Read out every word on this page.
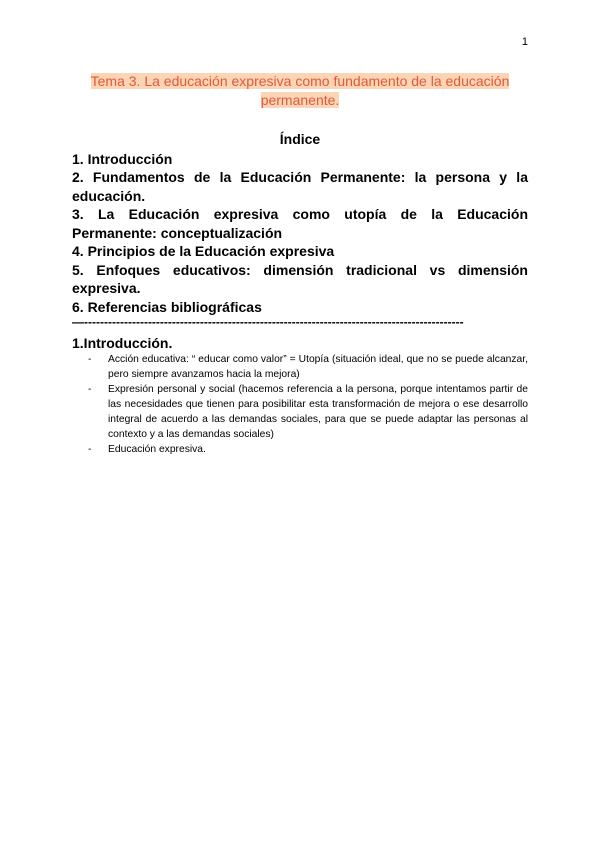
1
Tema 3. La educación expresiva como fundamento de la educación permanente.
Índice
1. Introducción
2. Fundamentos de la Educación Permanente: la persona y la educación.
3. La Educación expresiva como utopía de la Educación Permanente: conceptualización
4. Principios de la Educación expresiva
5. Enfoques educativos: dimensión tradicional vs dimensión expresiva.
6. Referencias bibliográficas
—-----------------------------------------------------------------------------------------------
1.Introducción.
- Acción educativa: “ educar como valor” = Utopía (situación ideal, que no se puede alcanzar, pero siempre avanzamos hacia la mejora)
- Expresión personal y social (hacemos referencia a la persona, porque intentamos partir de las necesidades que tienen para posibilitar esta transformación de mejora o ese desarrollo integral de acuerdo a las demandas sociales, para que se puede adaptar las personas al contexto y a las demandas sociales)
- Educación expresiva.
